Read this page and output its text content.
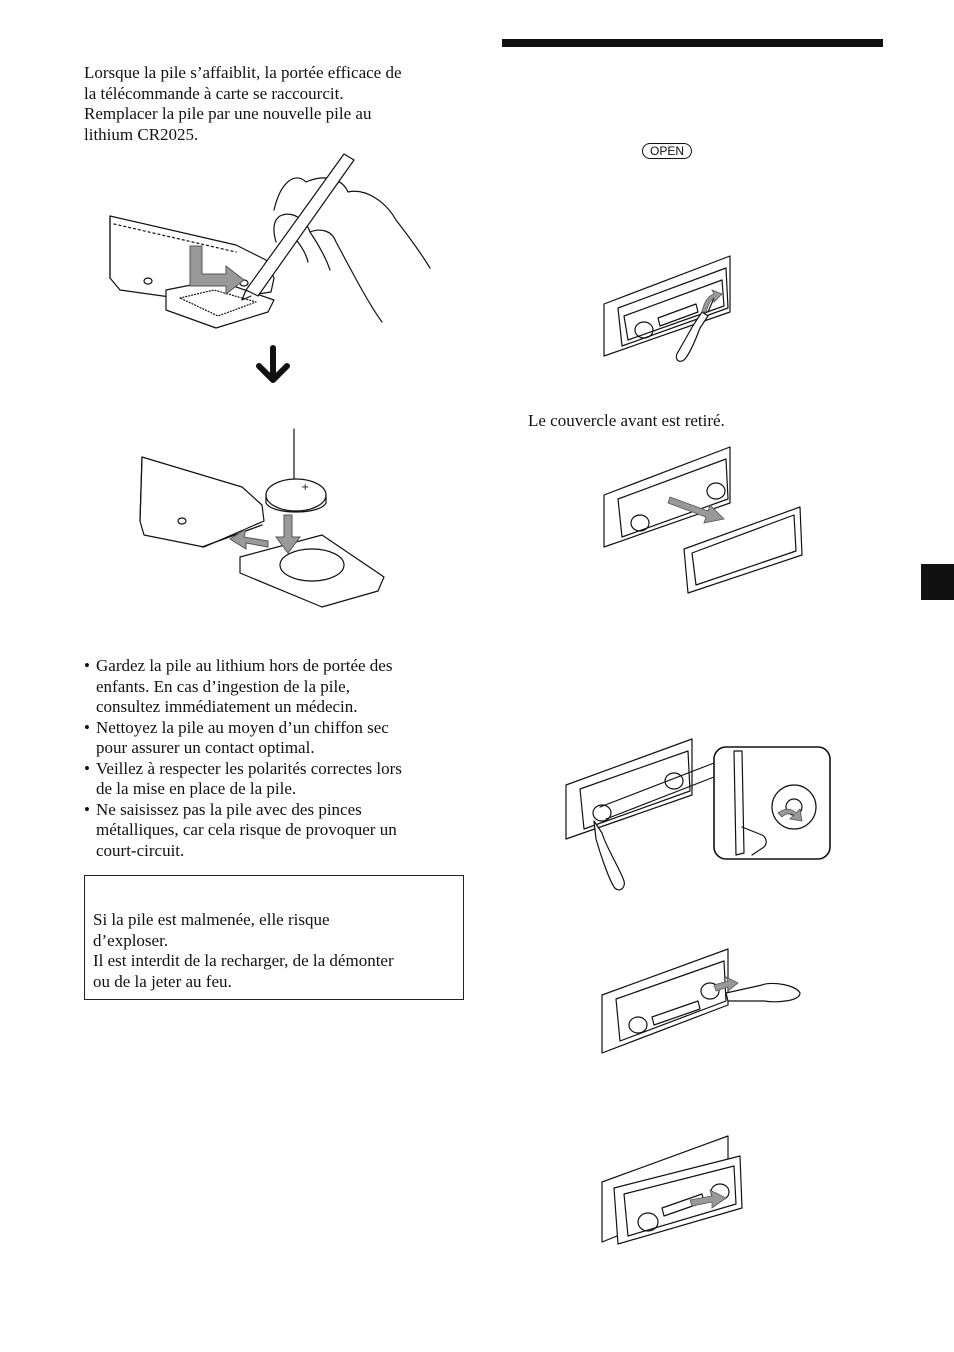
Lorsque la pile s’affaiblit, la portée efficace de
la télécommande à carte se raccourcit.
Remplacer la pile par une nouvelle pile au
lithium CR2025.
+
• Gardez la pile au lithium hors de portée des
enfants. En cas d’ingestion de la pile,
consultez immédiatement un médecin.
• Nettoyez la pile au moyen d’un chiffon sec
pour assurer un contact optimal.
• Veillez à respecter les polarités correctes lors
de la mise en place de la pile.
• Ne saisissez pas la pile avec des pinces
métalliques, car cela risque de provoquer un
court-circuit.
Si la pile est malmenée, elle risque
d’exploser.
Il est interdit de la recharger, de la démonter
ou de la jeter au feu.
OPEN
Le couvercle avant est retiré.
